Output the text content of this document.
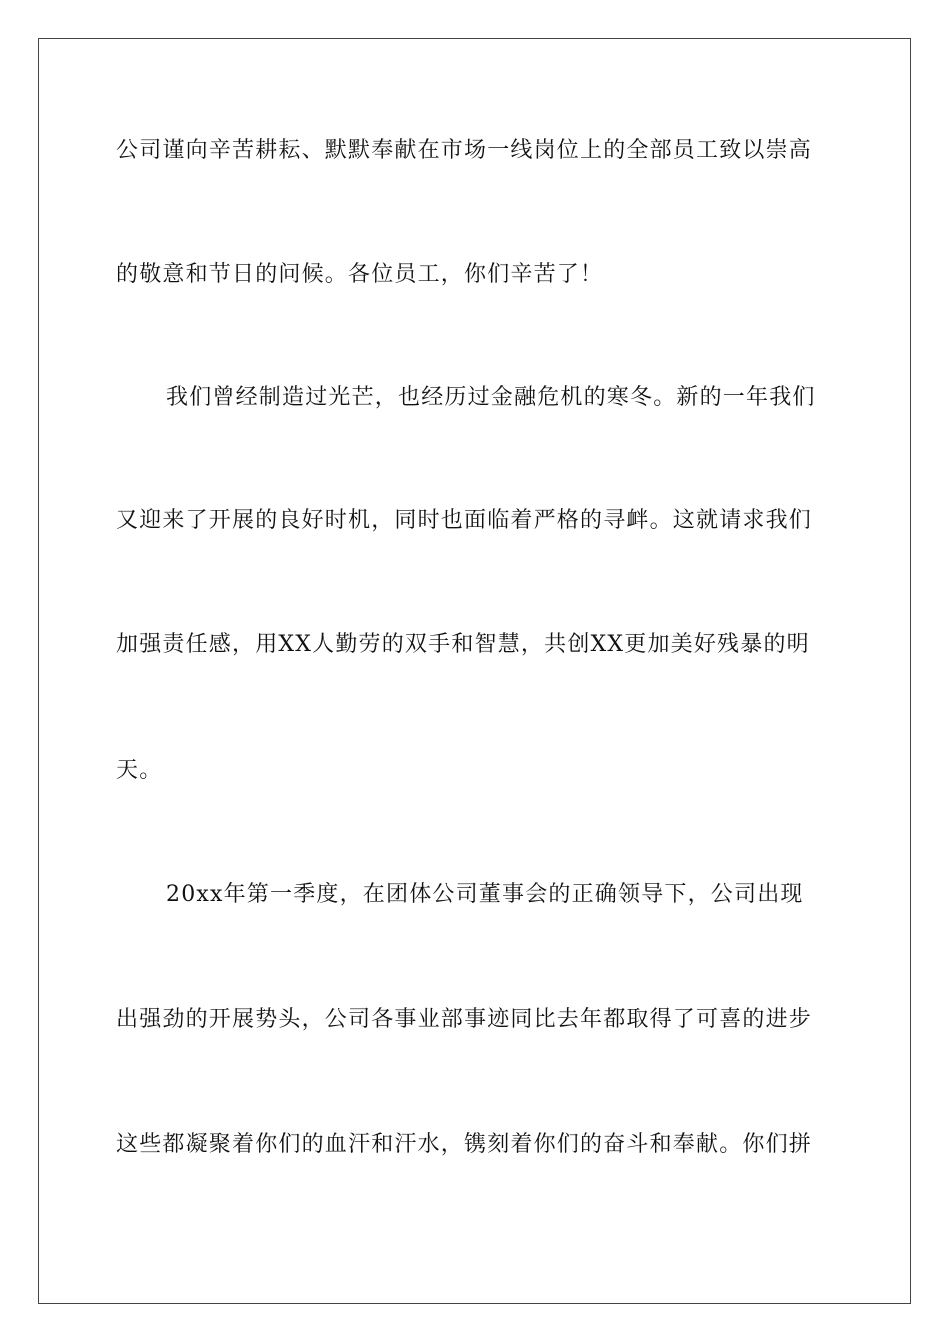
公司谨向辛苦耕耘、默默奉献在市场一线岗位上的全部员工致以崇高
的敬意和节日的问候。各位员工，你们辛苦了！
我们曾经制造过光芒，也经历过金融危机的寒冬。新的一年我们
又迎来了开展的良好时机，同时也面临着严格的寻衅。这就请求我们
加强责任感，用XX人勤劳的双手和智慧，共创XX更加美好残暴的明
天。
20xx年第一季度，在团体公司董事会的正确领导下，公司出现
出强劲的开展势头，公司各事业部事迹同比去年都取得了可喜的进步
这些都凝聚着你们的血汗和汗水，镌刻着你们的奋斗和奉献。你们拼
